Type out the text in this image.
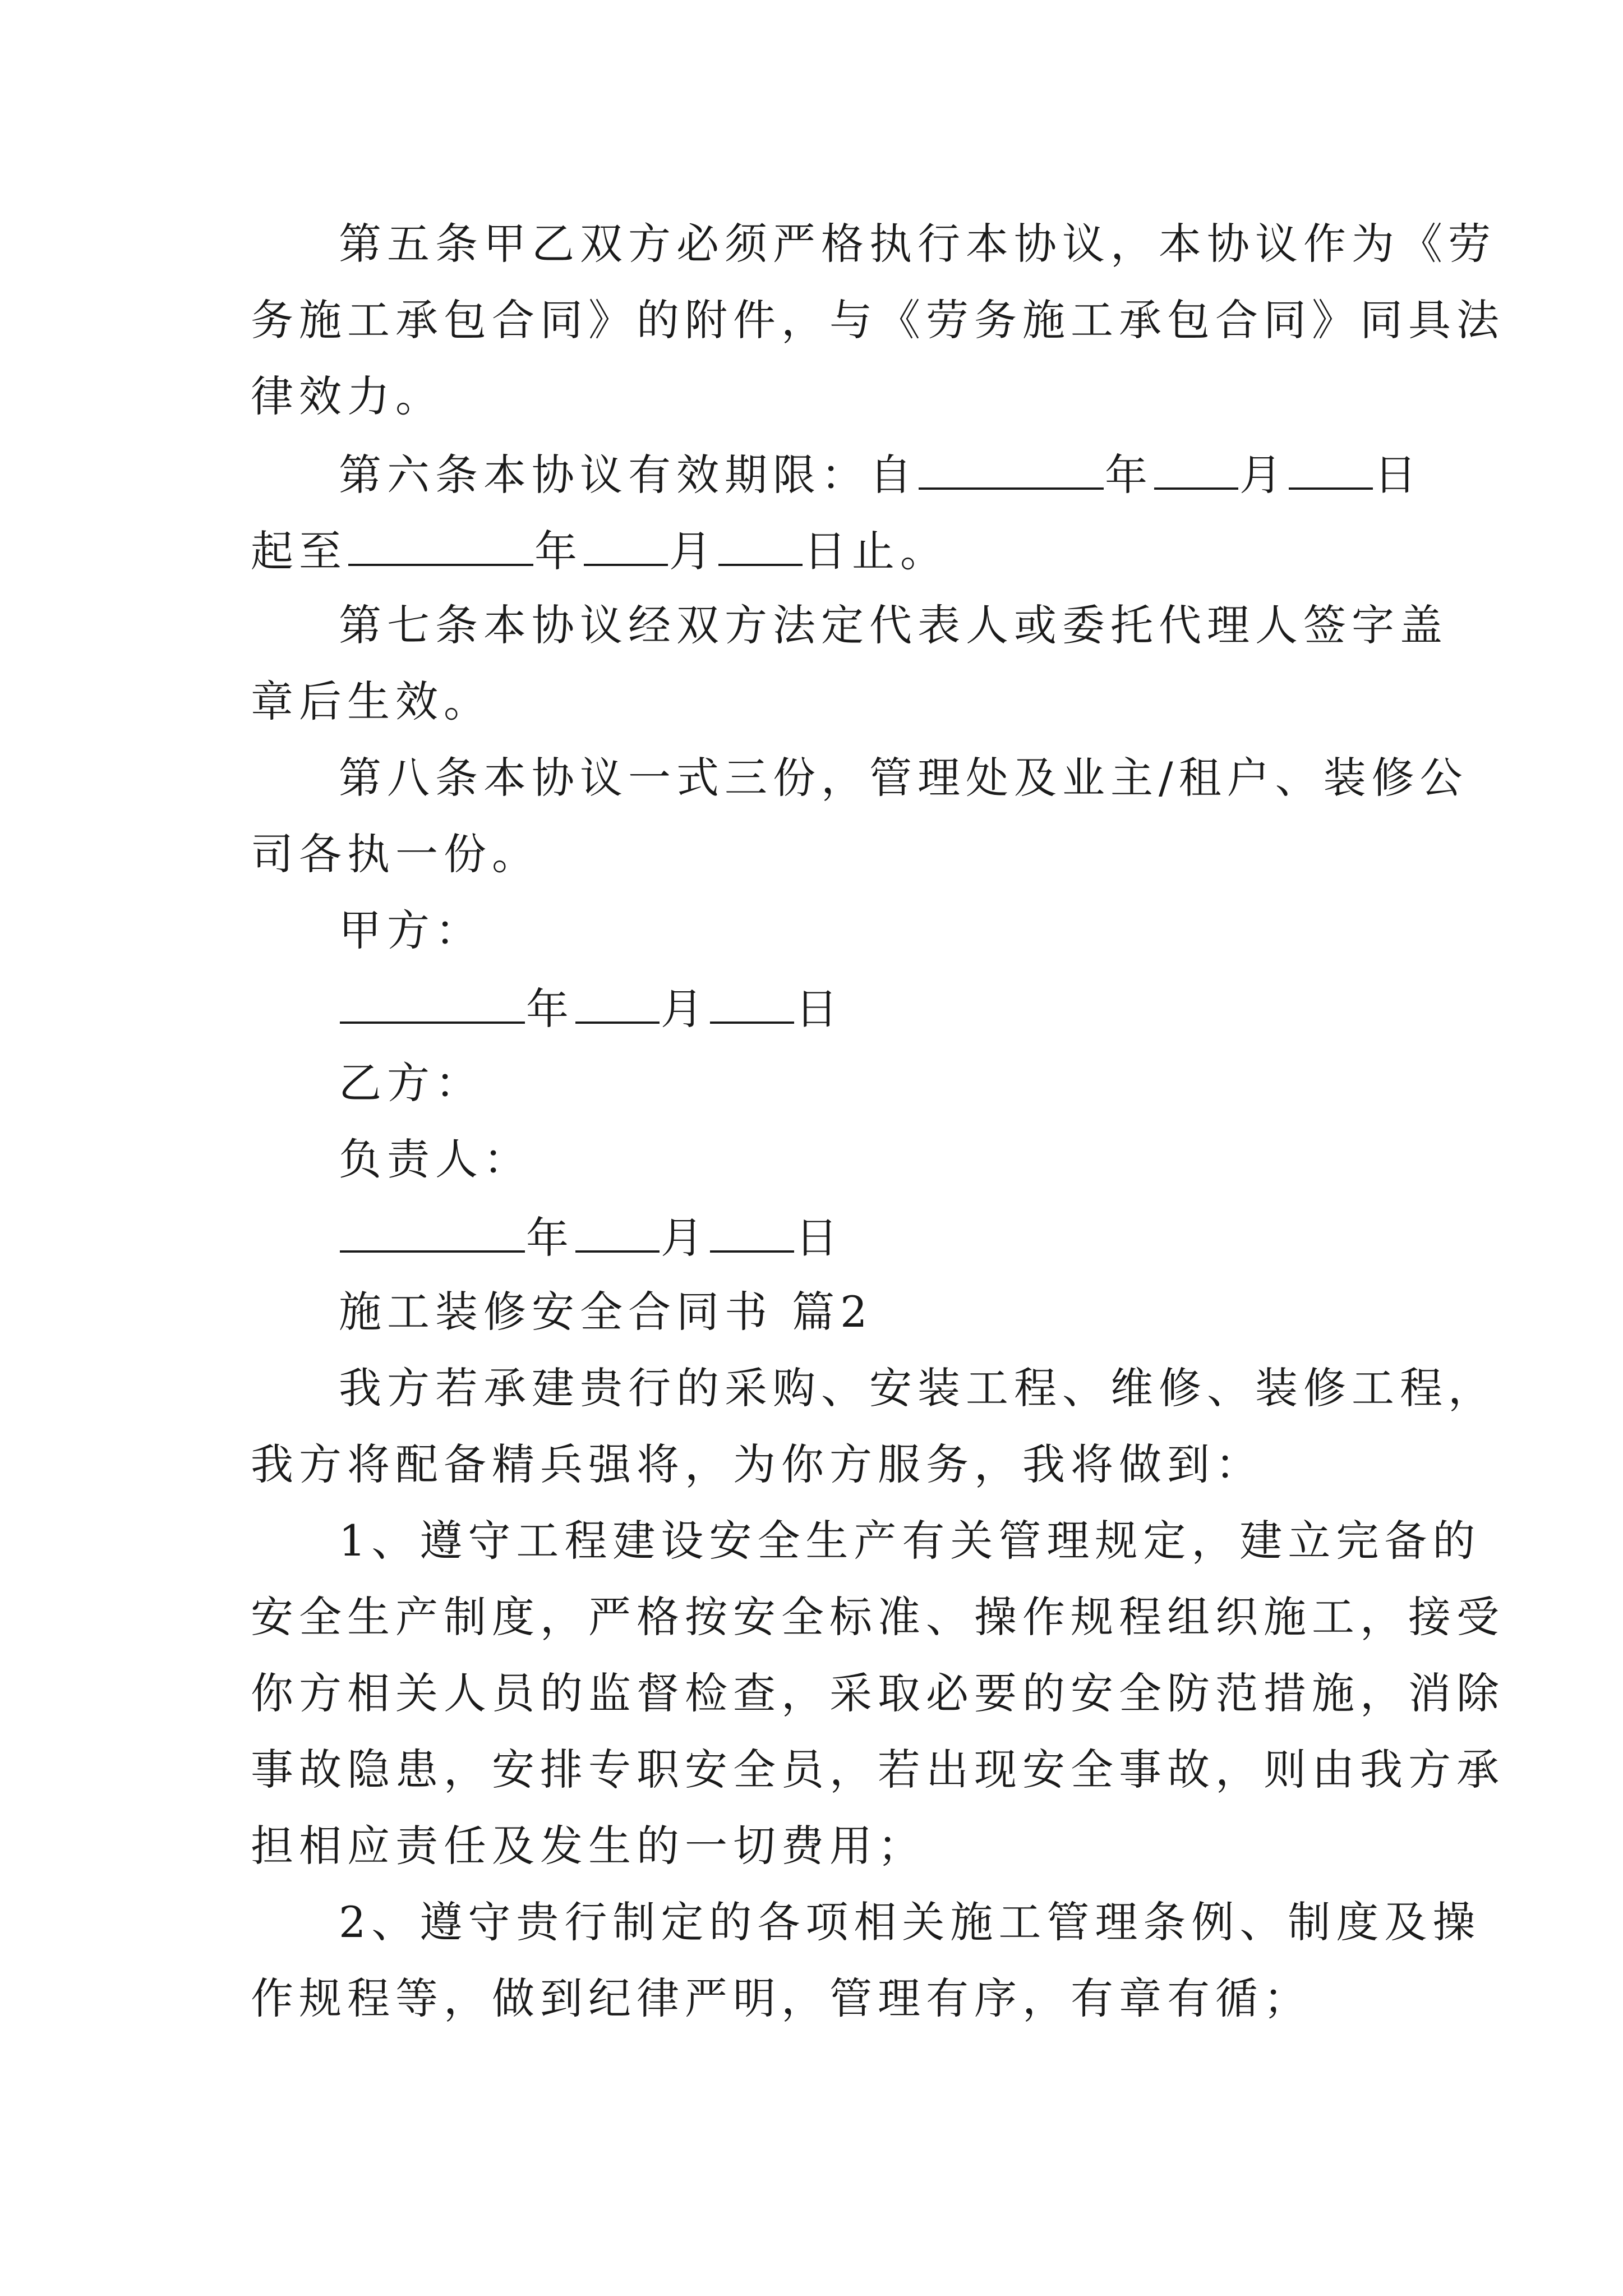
第五条甲乙双方必须严格执行本协议，本协议作为《劳
务施工承包合同》的附件，与《劳务施工承包合同》同具法
律效力。
第六条本协议有效期限：自	年 月 日
起至	年 月 日止。
第七条本协议经双方法定代表人或委托代理人签字盖
章后生效。
第八条本协议一式三份，管理处及业主/租户、装修公
司各执一份。
甲方：
年 月 日
乙方：
负责人：
年 月 日
施工装修安全合同书 篇2
我方若承建贵行的采购、安装工程、维修、装修工程，
我方将配备精兵强将，为你方服务，我将做到：
1、遵守工程建设安全生产有关管理规定，建立完备的
安全生产制度，严格按安全标准、操作规程组织施工，接受
你方相关人员的监督检查，采取必要的安全防范措施，消除
事故隐患，安排专职安全员，若出现安全事故，则由我方承
担相应责任及发生的一切费用；
2、遵守贵行制定的各项相关施工管理条例、制度及操
作规程等，做到纪律严明，管理有序，有章有循；
